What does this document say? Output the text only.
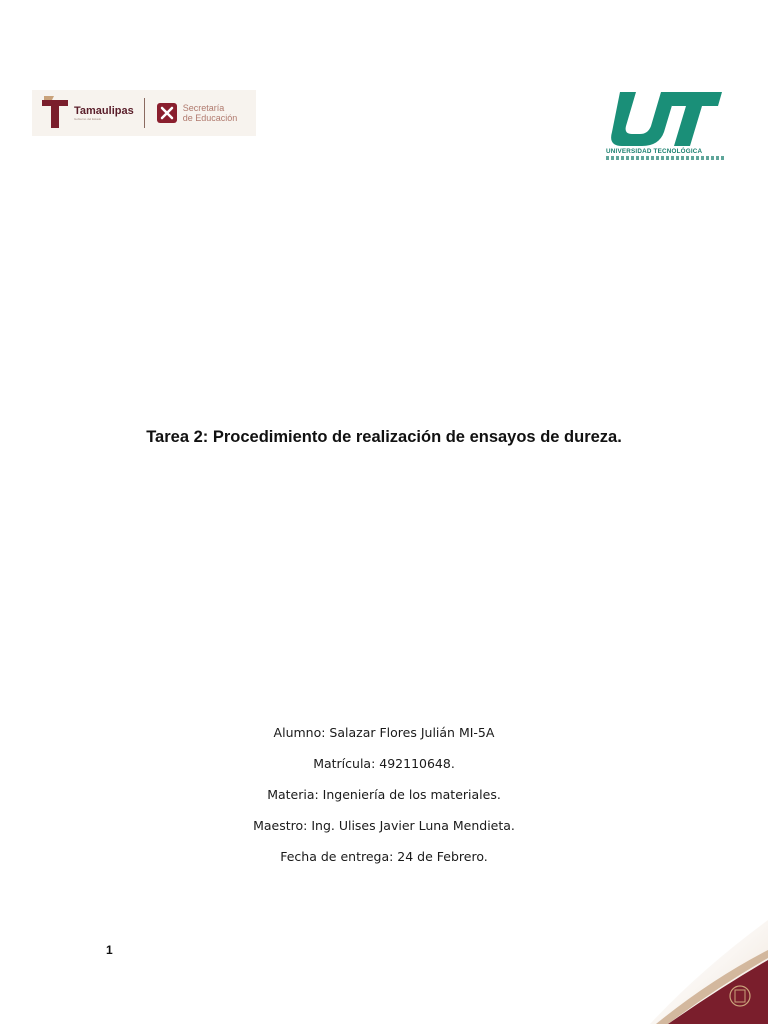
Tamaulipas
Gobierno del Estado
Secretaría
de Educación
UNIVERSIDAD TECNOLÓGICA
Tarea 2: Procedimiento de realización de ensayos de dureza.
Alumno: Salazar Flores Julián MI-5A
Matrícula: 492110648.
Materia: Ingeniería de los materiales.
Maestro: Ing. Ulises Javier Luna Mendieta.
Fecha de entrega: 24 de Febrero.
1
